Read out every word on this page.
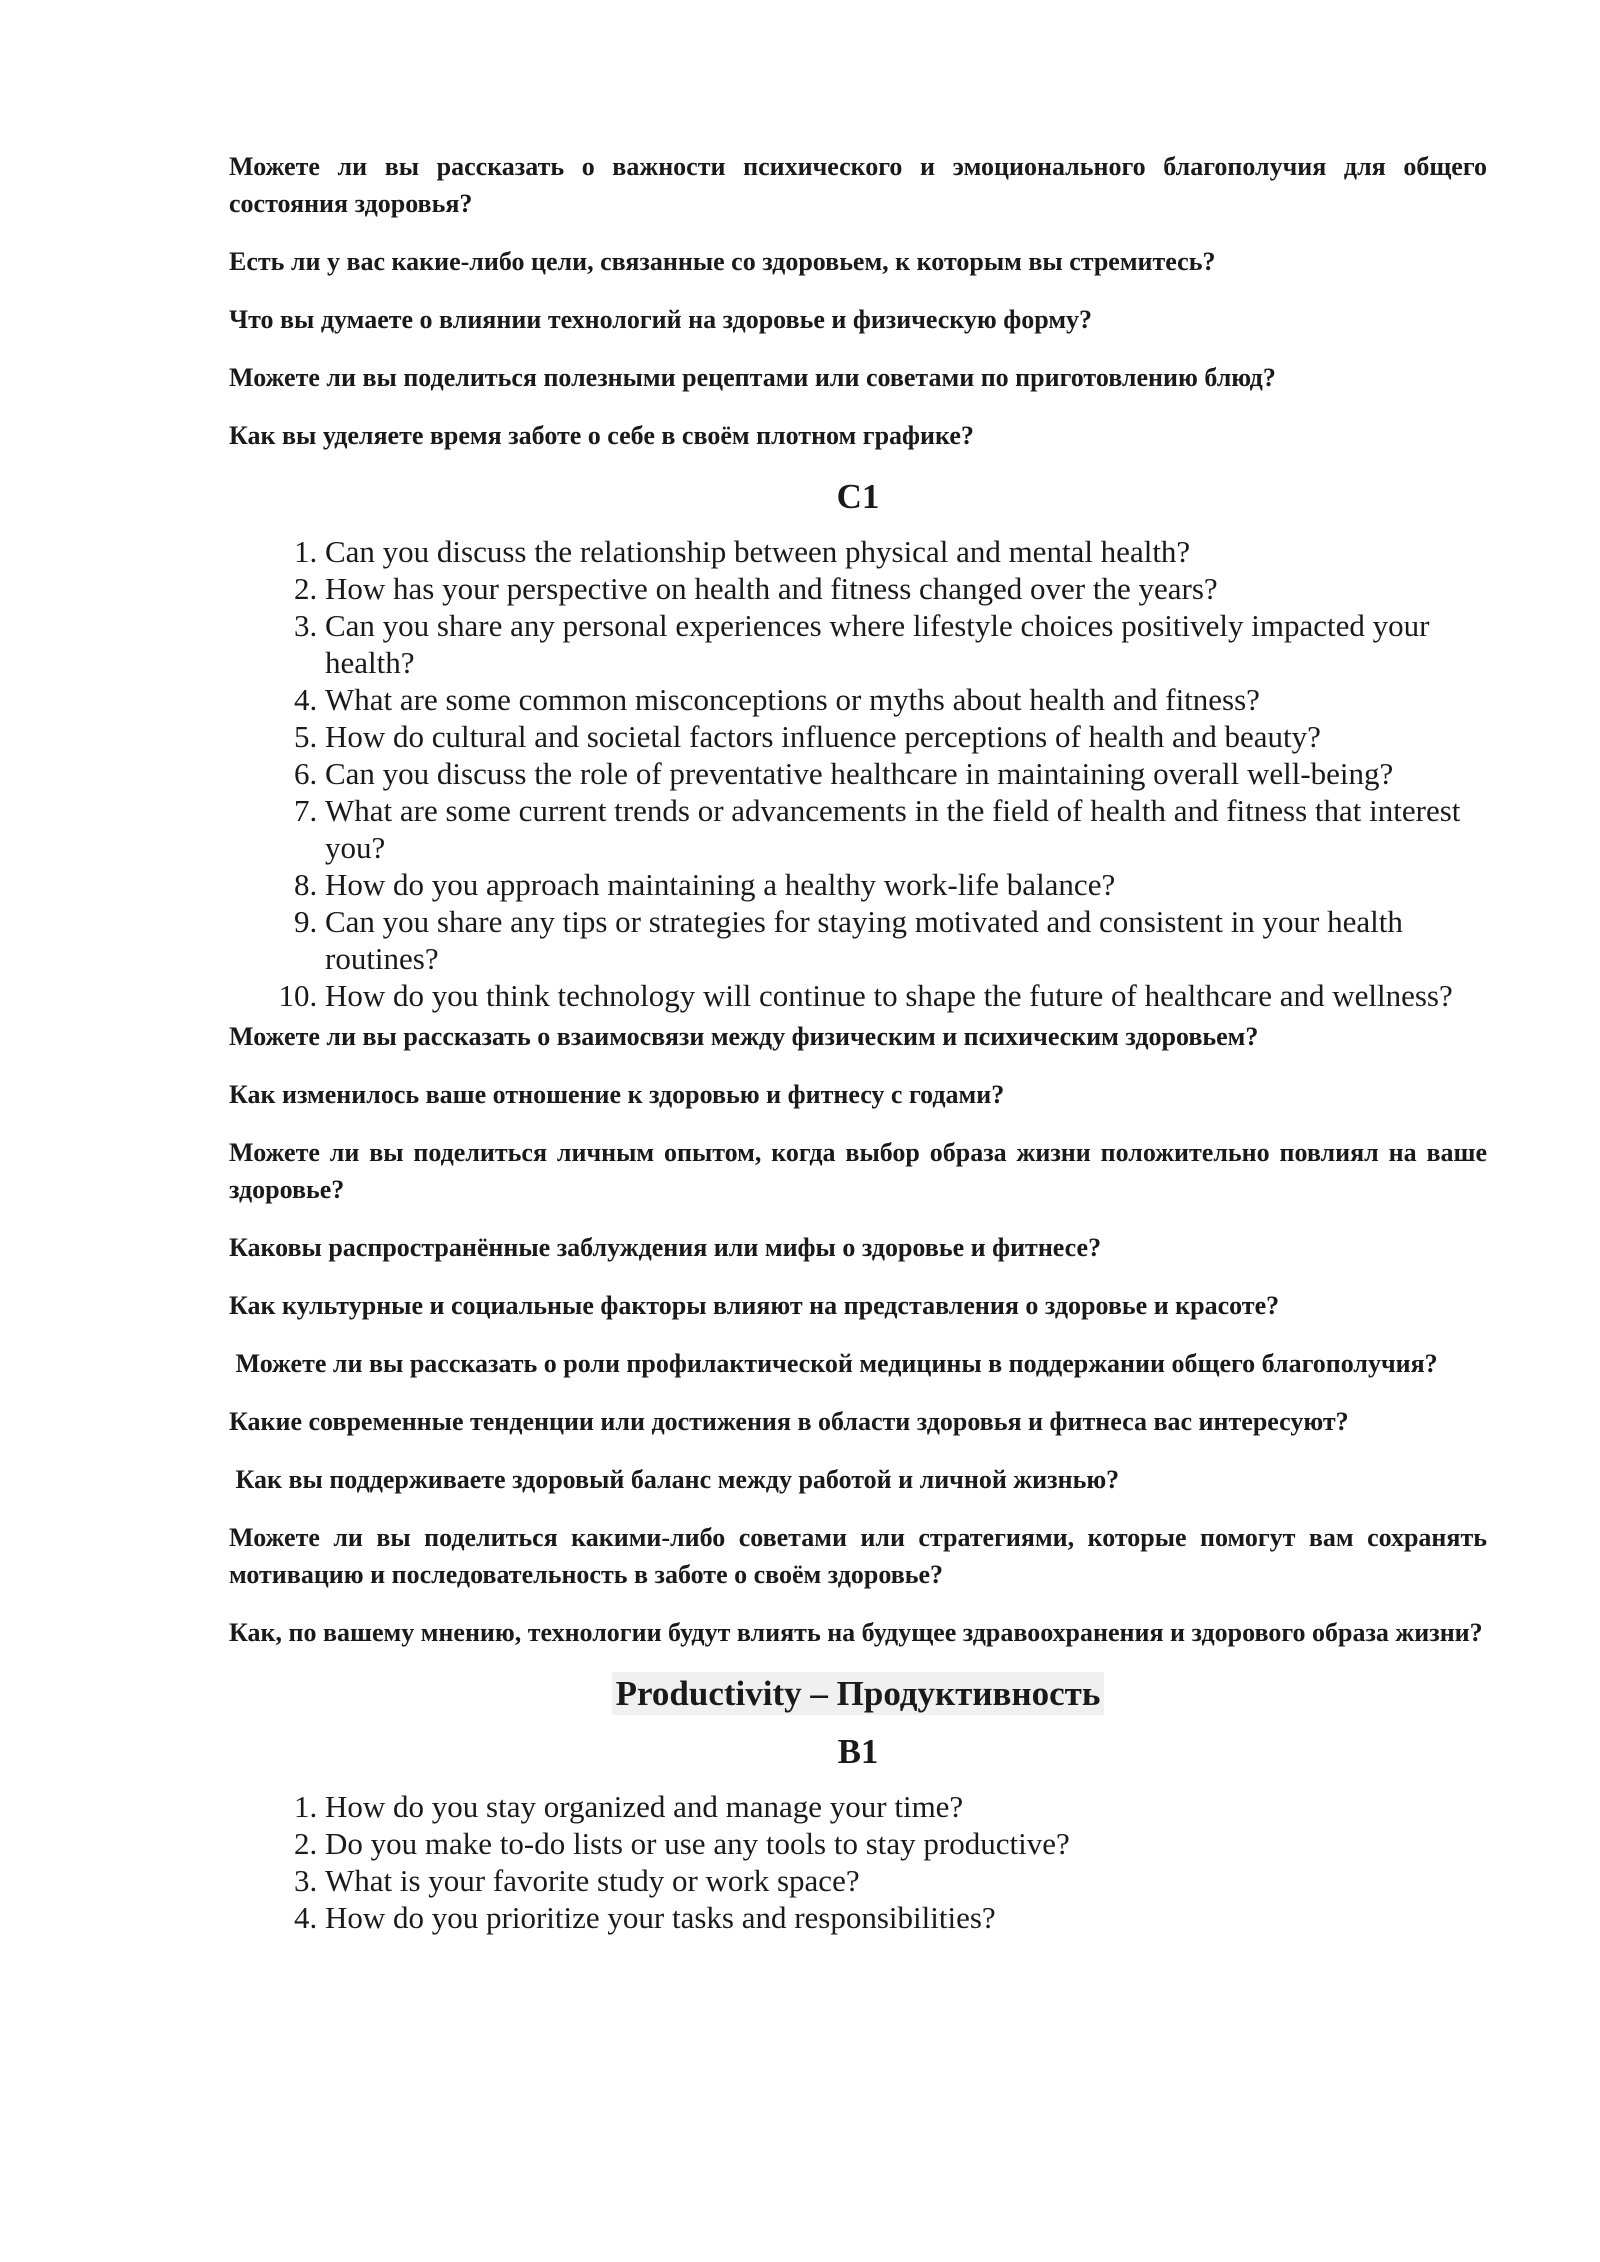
Можете ли вы рассказать о важности психического и эмоционального благополучия для общего состояния здоровья?

Есть ли у вас какие-либо цели, связанные со здоровьем, к которым вы стремитесь?

Что вы думаете о влиянии технологий на здоровье и физическую форму?

Можете ли вы поделиться полезными рецептами или советами по приготовлению блюд?

Как вы уделяете время заботе о себе в своём плотном графике?

C1
1. Can you discuss the relationship between physical and mental health?
2. How has your perspective on health and fitness changed over the years?
3. Can you share any personal experiences where lifestyle choices positively impacted your health?
4. What are some common misconceptions or myths about health and fitness?
5. How do cultural and societal factors influence perceptions of health and beauty?
6. Can you discuss the role of preventative healthcare in maintaining overall well-being?
7. What are some current trends or advancements in the field of health and fitness that interest you?
8. How do you approach maintaining a healthy work-life balance?
9. Can you share any tips or strategies for staying motivated and consistent in your health routines?
10. How do you think technology will continue to shape the future of healthcare and wellness?

Можете ли вы рассказать о взаимосвязи между физическим и психическим здоровьем?

Как изменилось ваше отношение к здоровью и фитнесу с годами?

Можете ли вы поделиться личным опытом, когда выбор образа жизни положительно повлиял на ваше здоровье?

Каковы распространённые заблуждения или мифы о здоровье и фитнесе?

Как культурные и социальные факторы влияют на представления о здоровье и красоте?

Можете ли вы рассказать о роли профилактической медицины в поддержании общего благополучия?

Какие современные тенденции или достижения в области здоровья и фитнеса вас интересуют?

Как вы поддерживаете здоровый баланс между работой и личной жизнью?

Можете ли вы поделиться какими-либо советами или стратегиями, которые помогут вам сохранять мотивацию и последовательность в заботе о своём здоровье?

Как, по вашему мнению, технологии будут влиять на будущее здравоохранения и здорового образа жизни?

Productivity – Продуктивность
B1
1. How do you stay organized and manage your time?
2. Do you make to-do lists or use any tools to stay productive?
3. What is your favorite study or work space?
4. How do you prioritize your tasks and responsibilities?
